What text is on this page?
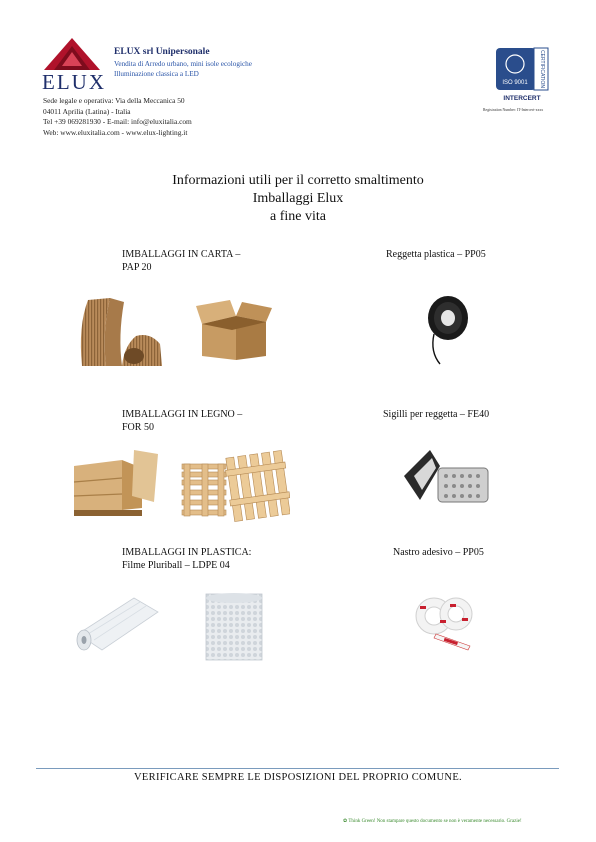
ELUX
ELUX srl Unipersonale
Vendita di Arredo urbano, mini isole ecologiche
Illuminazione classica a LED
Sede legale e operativa: Via della Meccanica 50
04011 Aprilia (Latina) - Italia
Tel +39 069281930 - E-mail: info@eluxitalia.com
Web: www.eluxitalia.com - www.elux-lighting.it
CERTIFICATION
ISO 9001
INTERCERT
Registration Number: IT-Intercert-xxxx
Informazioni utili per il corretto smaltimento
Imballaggi Elux
a fine vita
IMBALLAGGI IN CARTA –
PAP 20
Reggetta plastica – PP05
IMBALLAGGI IN LEGNO –
FOR 50
Sigilli per reggetta – FE40
IMBALLAGGI IN PLASTICA:
Filme Pluriball – LDPE 04
Nastro adesivo – PP05
VERIFICARE SEMPRE LE DISPOSIZIONI DEL PROPRIO COMUNE.
✿ Think Green! Non stampare questo documento se non è veramente necessario. Grazie!
